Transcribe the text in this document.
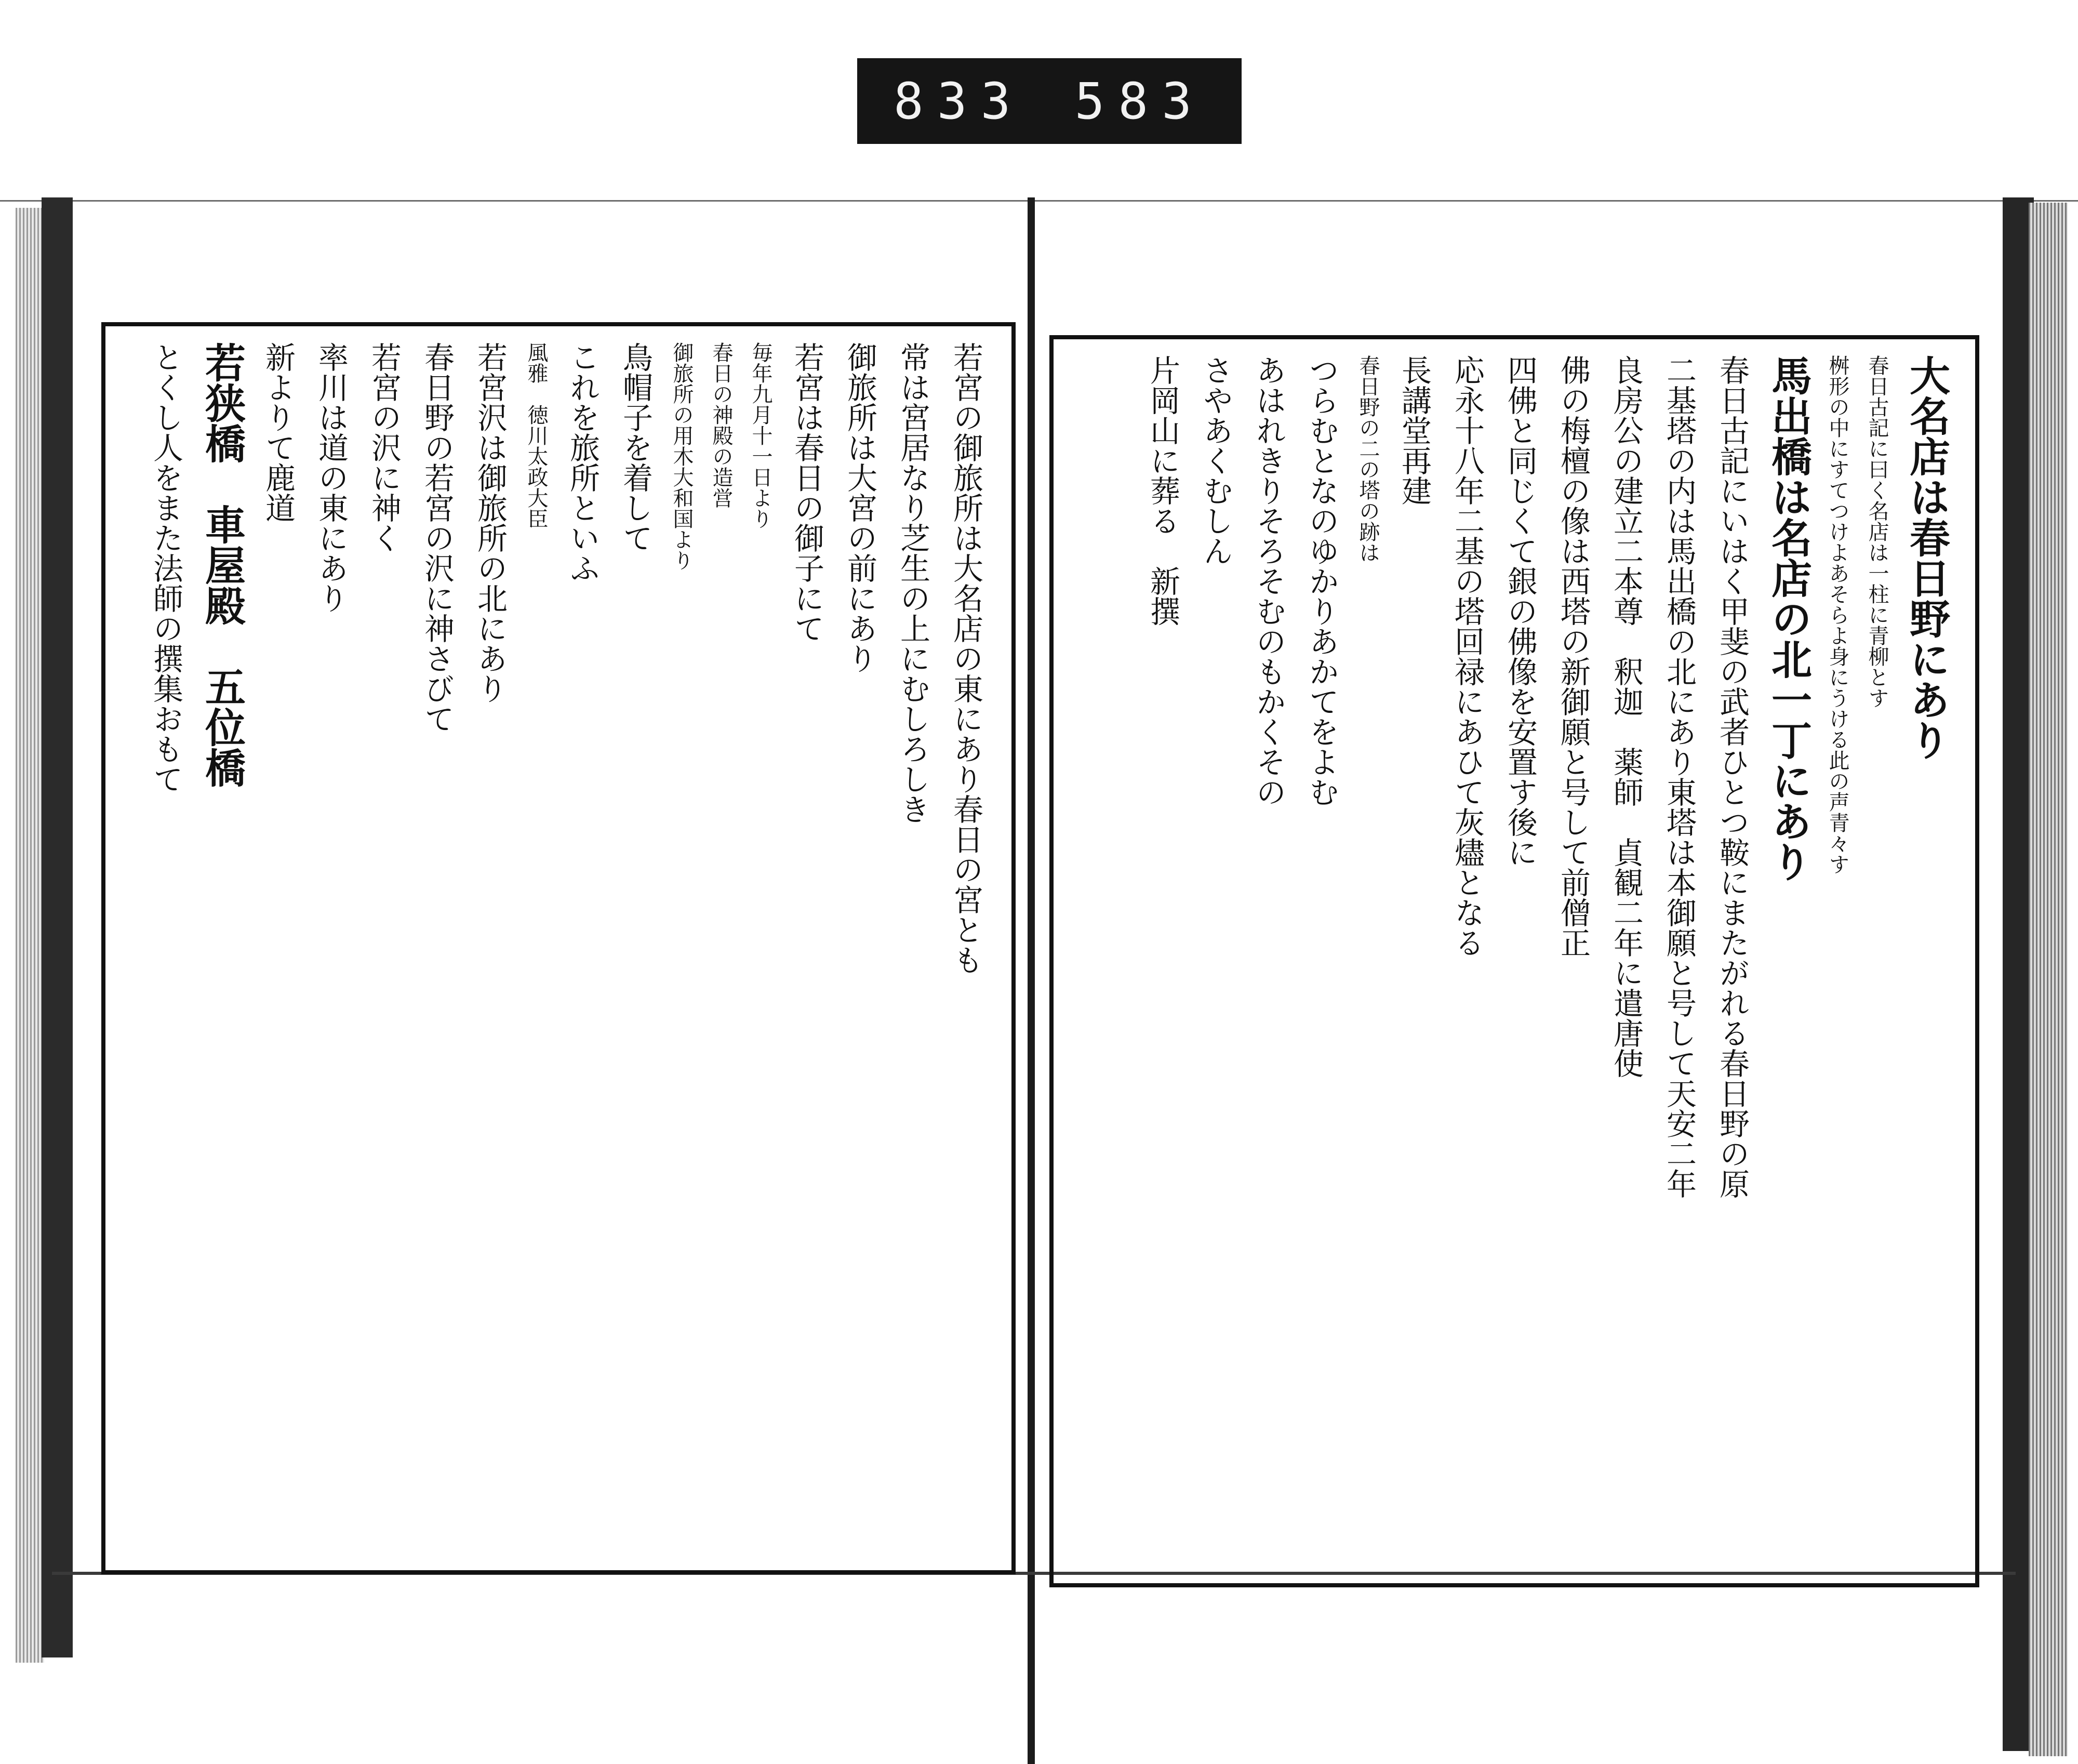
833 583
大名店は春日野にあり
春日古記に曰く名店は一柱に青柳とす
桝形の中にすてつけよあそらよ身にうける此の声青々す
馬出橋は名店の北一丁にあり
春日古記にいはく甲斐の武者ひとつ鞍にまたがれる春日野の原
二基塔の内は馬出橋の北にあり東塔は本御願と号して天安二年
良房公の建立二本尊　釈迦　薬師　貞観二年に遣唐使
佛の梅檀の像は西塔の新御願と号して前僧正
四佛と同じくて銀の佛像を安置す後に
応永十八年二基の塔回禄にあひて灰燼となる
長講堂再建
春日野の二の塔の跡は
つらむとなのゆかりあかてをよむ
あはれきりそろそむのもかくその
さやあくむしん
片岡山に葬る　新撰
若宮の御旅所は大名店の東にあり春日の宮とも
常は宮居なり芝生の上にむしろしき
御旅所は大宮の前にあり
若宮は春日の御子にて
毎年九月十一日より
春日の神殿の造営
御旅所の用木大和国より
鳥帽子を着して
これを旅所といふ
風雅　徳川太政大臣
若宮沢は御旅所の北にあり
春日野の若宮の沢に神さびて
若宮の沢に神く
率川は道の東にあり
新よりて鹿道
若狭橋　車屋殿　五位橋
とくし人をまた法師の撰集おもて
